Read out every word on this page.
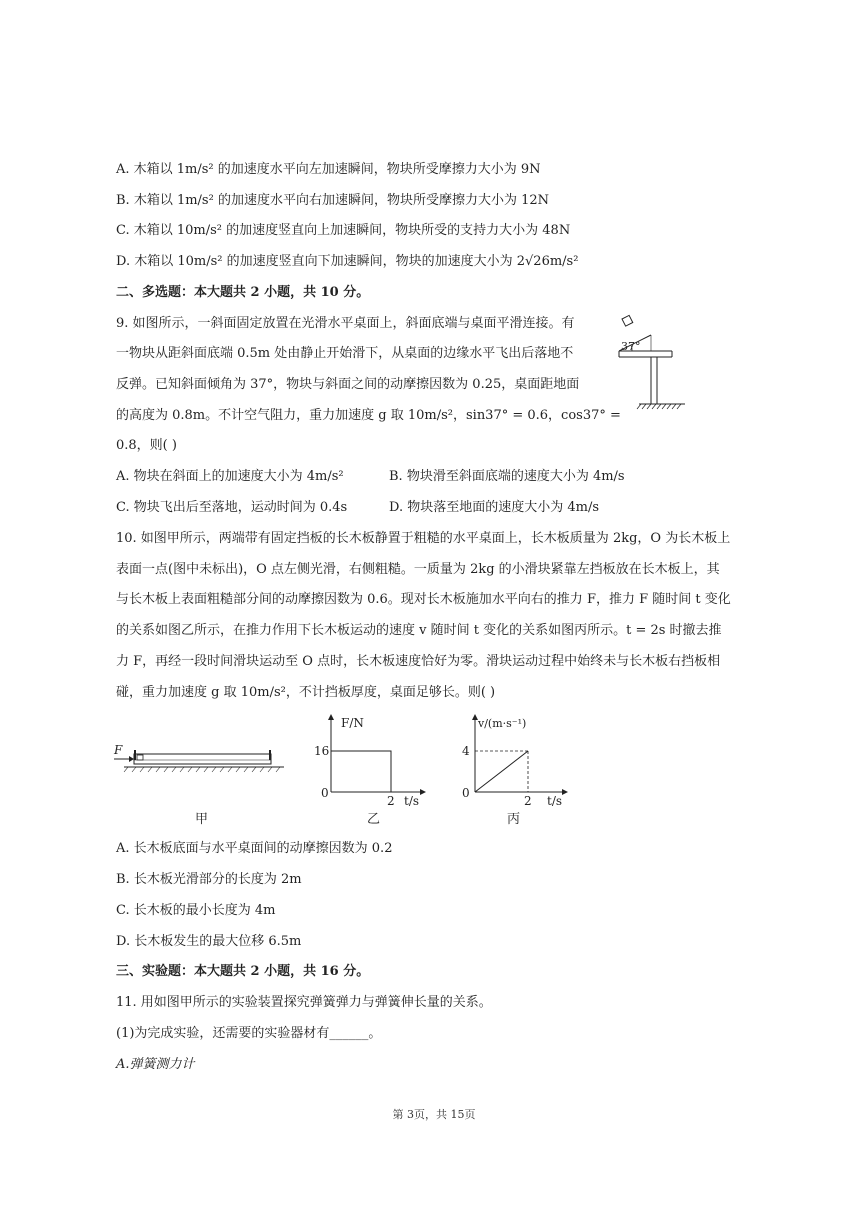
A. 木箱以 1m/s² 的加速度水平向左加速瞬间，物块所受摩擦力大小为 9N
B. 木箱以 1m/s² 的加速度水平向右加速瞬间，物块所受摩擦力大小为 12N
C. 木箱以 10m/s² 的加速度竖直向上加速瞬间，物块所受的支持力大小为 48N
D. 木箱以 10m/s² 的加速度竖直向下加速瞬间，物块的加速度大小为 2√26m/s²
二、多选题：本大题共 2 小题，共 10 分。
9. 如图所示，一斜面固定放置在光滑水平桌面上，斜面底端与桌面平滑连接。有
一物块从距斜面底端 0.5m 处由静止开始滑下，从桌面的边缘水平飞出后落地不
反弹。已知斜面倾角为 37°，物块与斜面之间的动摩擦因数为 0.25，桌面距地面
的高度为 0.8m。不计空气阻力，重力加速度 g 取 10m/s²，sin37° = 0.6，cos37° =
0.8，则( )
37°
A. 物块在斜面上的加速度大小为 4m/s²	B. 物块滑至斜面底端的速度大小为 4m/s
C. 物块飞出后至落地，运动时间为 0.4s	D. 物块落至地面的速度大小为 4m/s
10. 如图甲所示，两端带有固定挡板的长木板静置于粗糙的水平桌面上，长木板质量为 2kg，O 为长木板上
表面一点(图中未标出)，O 点左侧光滑，右侧粗糙。一质量为 2kg 的小滑块紧靠左挡板放在长木板上，其
与长木板上表面粗糙部分间的动摩擦因数为 0.6。现对长木板施加水平向右的推力 F，推力 F 随时间 t 变化
的关系如图乙所示，在推力作用下长木板运动的速度 v 随时间 t 变化的关系如图丙所示。t = 2s 时撤去推
力 F，再经一段时间滑块运动至 O 点时，长木板速度恰好为零。滑块运动过程中始终未与长木板右挡板相
碰，重力加速度 g 取 10m/s²，不计挡板厚度，桌面足够长。则( )
F
甲
F/N
16
0
2 t/s
乙
v/(m·s⁻¹)
4
0
2 t/s
丙
A. 长木板底面与水平桌面间的动摩擦因数为 0.2
B. 长木板光滑部分的长度为 2m
C. 长木板的最小长度为 4m
D. 长木板发生的最大位移 6.5m
三、实验题：本大题共 2 小题，共 16 分。
11. 用如图甲所示的实验装置探究弹簧弹力与弹簧伸长量的关系。
(1)为完成实验，还需要的实验器材有______。
A.弹簧测力计
第 3页，共 15页
